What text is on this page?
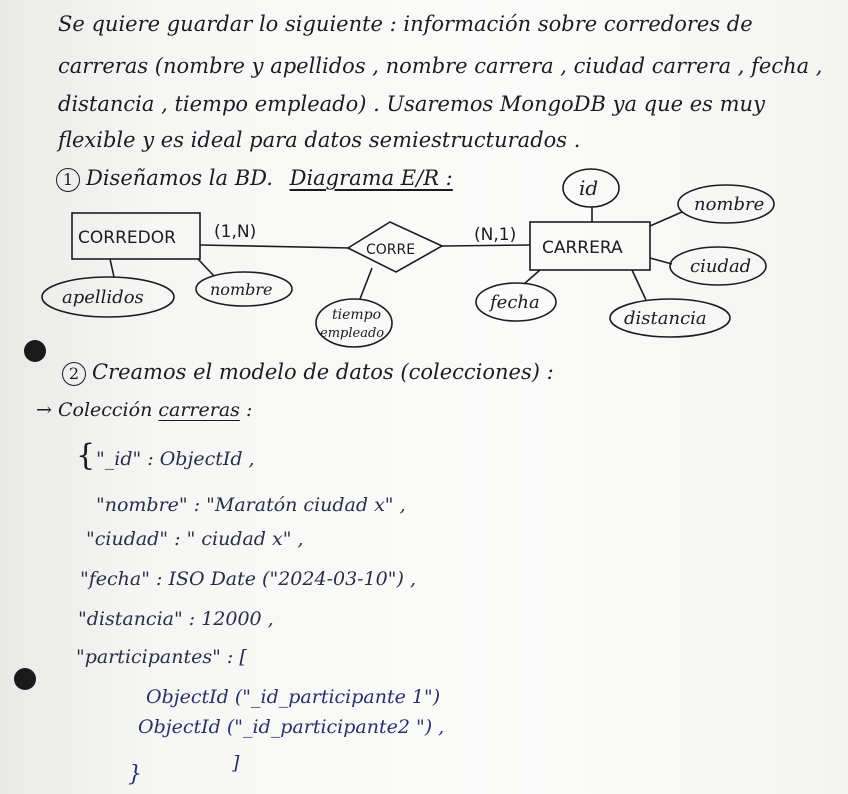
Se quiere guardar lo siguiente : información sobre corredores de
carreras (nombre y apellidos , nombre carrera , ciudad carrera , fecha ,
distancia , tiempo empleado) . Usaremos MongoDB ya que es muy
flexible y es ideal para datos semiestructurados .
1 Diseñamos la BD. Diagrama E/R :
CORREDOR	CARRERA
CORRE
(1,N)	(N,1)
apellidos	nombre
tiempo
empleado
fecha
id
nombre
ciudad
distancia
2 Creamos el modelo de datos (colecciones) :
→ Colección carreras :
{ "_id" : ObjectId ,
"nombre" : "Maratón ciudad x" ,
"ciudad" : " ciudad x" ,
"fecha" : ISO Date ("2024-03-10") ,
"distancia" : 12000 ,
"participantes" : [
ObjectId ("_id_participante 1")
ObjectId ("_id_participante2 ") ,
]
}
